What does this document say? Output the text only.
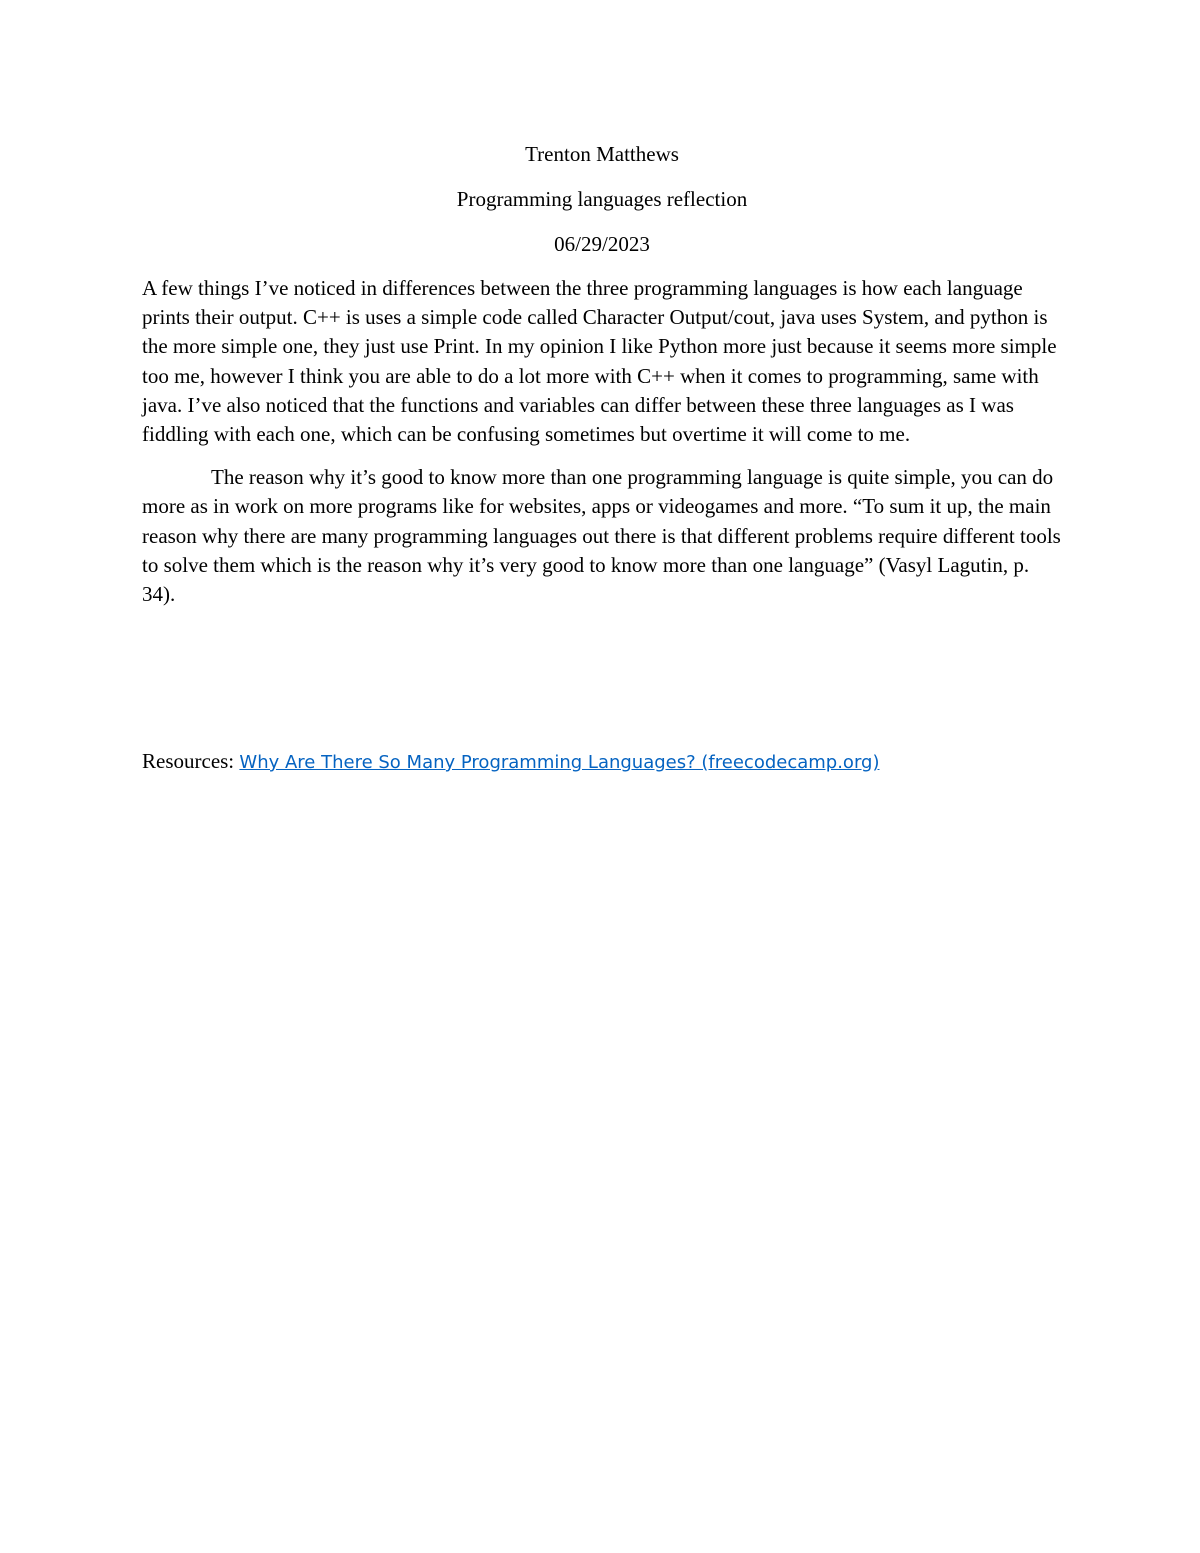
Trenton Matthews

Programming languages reflection

06/29/2023

A few things I’ve noticed in differences between the three programming languages is how each language prints their output. C++ is uses a simple code called Character Output/cout, java uses System, and python is the more simple one, they just use Print. In my opinion I like Python more just because it seems more simple too me, however I think you are able to do a lot more with C++ when it comes to programming, same with java. I’ve also noticed that the functions and variables can differ between these three languages as I was fiddling with each one, which can be confusing sometimes but overtime it will come to me.

The reason why it’s good to know more than one programming language is quite simple, you can do more as in work on more programs like for websites, apps or videogames and more. “To sum it up, the main reason why there are many programming languages out there is that different problems require different tools to solve them which is the reason why it’s very good to know more than one language” (Vasyl Lagutin, p. 34).

Resources: Why Are There So Many Programming Languages? (freecodecamp.org)
